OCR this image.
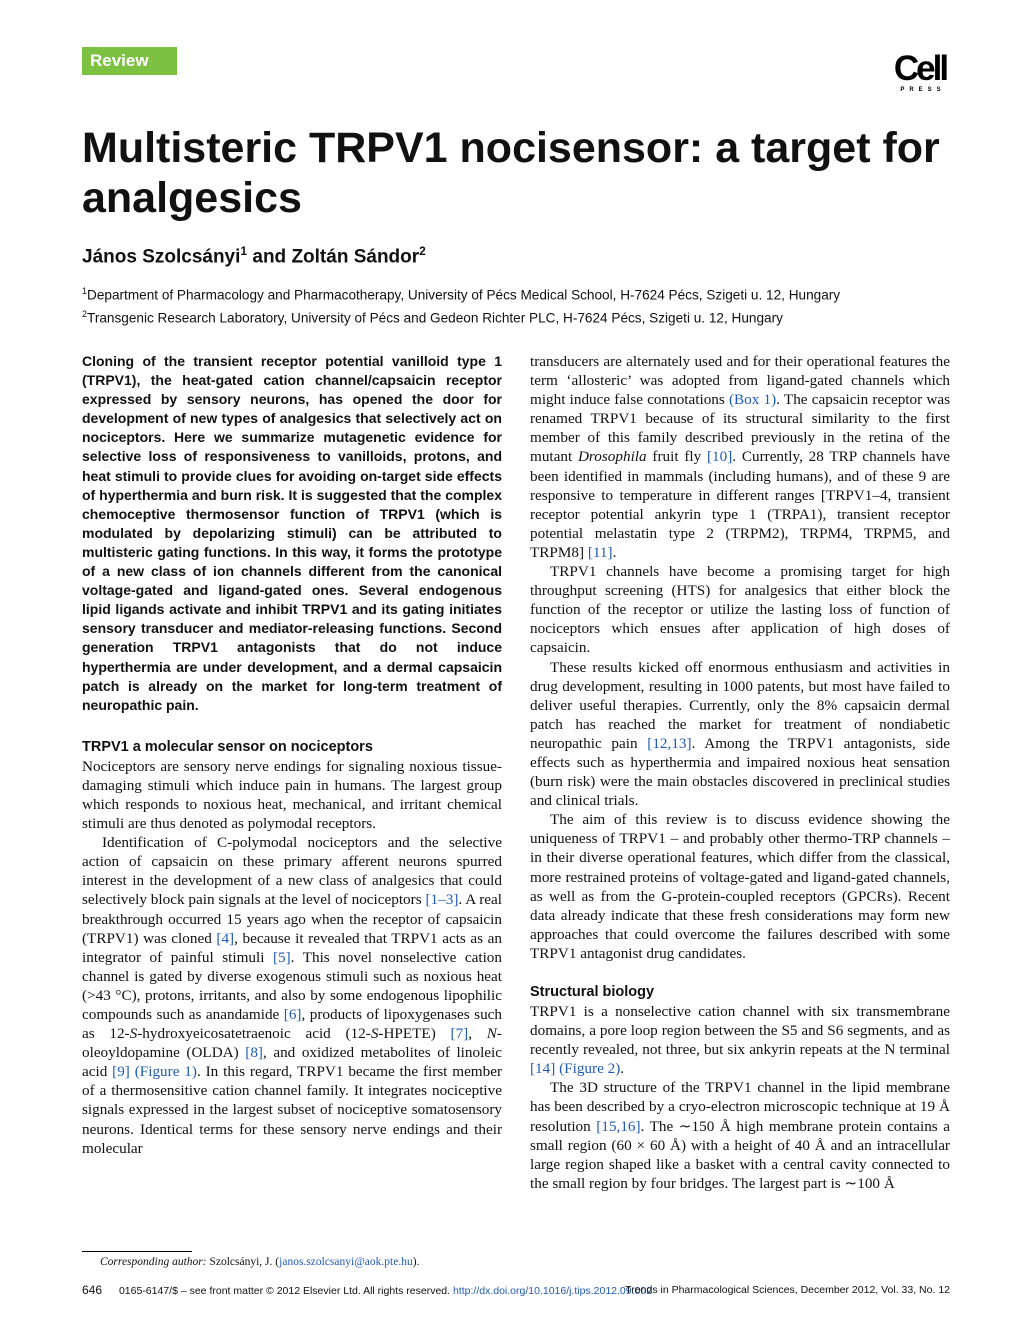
Review	Cell
PRESS
Multisteric TRPV1 nocisensor: a target for analgesics
János Szolcsányi$^1$ and Zoltán Sándor$^2$
$^1$Department of Pharmacology and Pharmacotherapy, University of Pécs Medical School, H-7624 Pécs, Szigeti u. 12, Hungary
$^2$Transgenic Research Laboratory, University of Pécs and Gedeon Richter PLC, H-7624 Pécs, Szigeti u. 12, Hungary

Cloning of the transient receptor potential vanilloid type 1 (TRPV1), the heat-gated cation channel/capsaicin receptor expressed by sensory neurons, has opened the door for development of new types of analgesics that selectively act on nociceptors. Here we summarize mutagenetic evidence for selective loss of responsiveness to vanilloids, protons, and heat stimuli to provide clues for avoiding on-target side effects of hyperthermia and burn risk. It is suggested that the complex chemoceptive thermosensor function of TRPV1 (which is modulated by depolarizing stimuli) can be attributed to multisteric gating functions. In this way, it forms the prototype of a new class of ion channels different from the canonical voltage-gated and ligand-gated ones. Several endogenous lipid ligands activate and inhibit TRPV1 and its gating initiates sensory transducer and mediator-releasing functions. Second generation TRPV1 antagonists that do not induce hyperthermia are under development, and a dermal capsaicin patch is already on the market for long-term treatment of neuropathic pain.

TRPV1 a molecular sensor on nociceptors

Nociceptors are sensory nerve endings for signaling noxious tissue-damaging stimuli which induce pain in humans. The largest group which responds to noxious heat, mechanical, and irritant chemical stimuli are thus denoted as polymodal receptors.

Identification of C-polymodal nociceptors and the selective action of capsaicin on these primary afferent neurons spurred interest in the development of a new class of analgesics that could selectively block pain signals at the level of nociceptors [1–3]. A real breakthrough occurred 15 years ago when the receptor of capsaicin (TRPV1) was cloned [4], because it revealed that TRPV1 acts as an integrator of painful stimuli [5]. This novel nonselective cation channel is gated by diverse exogenous stimuli such as noxious heat (>43 °C), protons, irritants, and also by some endogenous lipophilic compounds such as anandamide [6], products of lipoxygenases such as 12-S-hydroxyeicosatetraenoic acid (12-S-HPETE) [7], N-oleoyldopamine (OLDA) [8], and oxidized metabolites of linoleic acid [9] (Figure 1). In this regard, TRPV1 became the first member of a thermosensitive cation channel family. It integrates nociceptive signals expressed in the largest subset of nociceptive somatosensory neurons. Identical terms for these sensory nerve endings and their molecular

transducers are alternately used and for their operational features the term ‘allosteric’ was adopted from ligand-gated channels which might induce false connotations (Box 1). The capsaicin receptor was renamed TRPV1 because of its structural similarity to the first member of this family described previously in the retina of the mutant Drosophila fruit fly [10]. Currently, 28 TRP channels have been identified in mammals (including humans), and of these 9 are responsive to temperature in different ranges [TRPV1–4, transient receptor potential ankyrin type 1 (TRPA1), transient receptor potential melastatin type 2 (TRPM2), TRPM4, TRPM5, and TRPM8] [11].

TRPV1 channels have become a promising target for high throughput screening (HTS) for analgesics that either block the function of the receptor or utilize the lasting loss of function of nociceptors which ensues after application of high doses of capsaicin.

These results kicked off enormous enthusiasm and activities in drug development, resulting in 1000 patents, but most have failed to deliver useful therapies. Currently, only the 8% capsaicin dermal patch has reached the market for treatment of nondiabetic neuropathic pain [12,13]. Among the TRPV1 antagonists, side effects such as hyperthermia and impaired noxious heat sensation (burn risk) were the main obstacles discovered in preclinical studies and clinical trials.

The aim of this review is to discuss evidence showing the uniqueness of TRPV1 – and probably other thermo-TRP channels – in their diverse operational features, which differ from the classical, more restrained proteins of voltage-gated and ligand-gated channels, as well as from the G-protein-coupled receptors (GPCRs). Recent data already indicate that these fresh considerations may form new approaches that could overcome the failures described with some TRPV1 antagonist drug candidates.

Structural biology

TRPV1 is a nonselective cation channel with six transmembrane domains, a pore loop region between the S5 and S6 segments, and as recently revealed, not three, but six ankyrin repeats at the N terminal [14] (Figure 2).

The 3D structure of the TRPV1 channel in the lipid membrane has been described by a cryo-electron microscopic technique at 19 Å resolution [15,16]. The ∼150 Å high membrane protein contains a small region (60 × 60 Å) with a height of 40 Å and an intracellular large region shaped like a basket with a central cavity connected to the small region by four bridges. The largest part is ∼100 Å

Corresponding author: Szolcsányi, J. (janos.szolcsanyi@aok.pte.hu).
646 0165-6147/$ – see front matter © 2012 Elsevier Ltd. All rights reserved. http://dx.doi.org/10.1016/j.tips.2012.09.002
Trends in Pharmacological Sciences, December 2012, Vol. 33, No. 12
